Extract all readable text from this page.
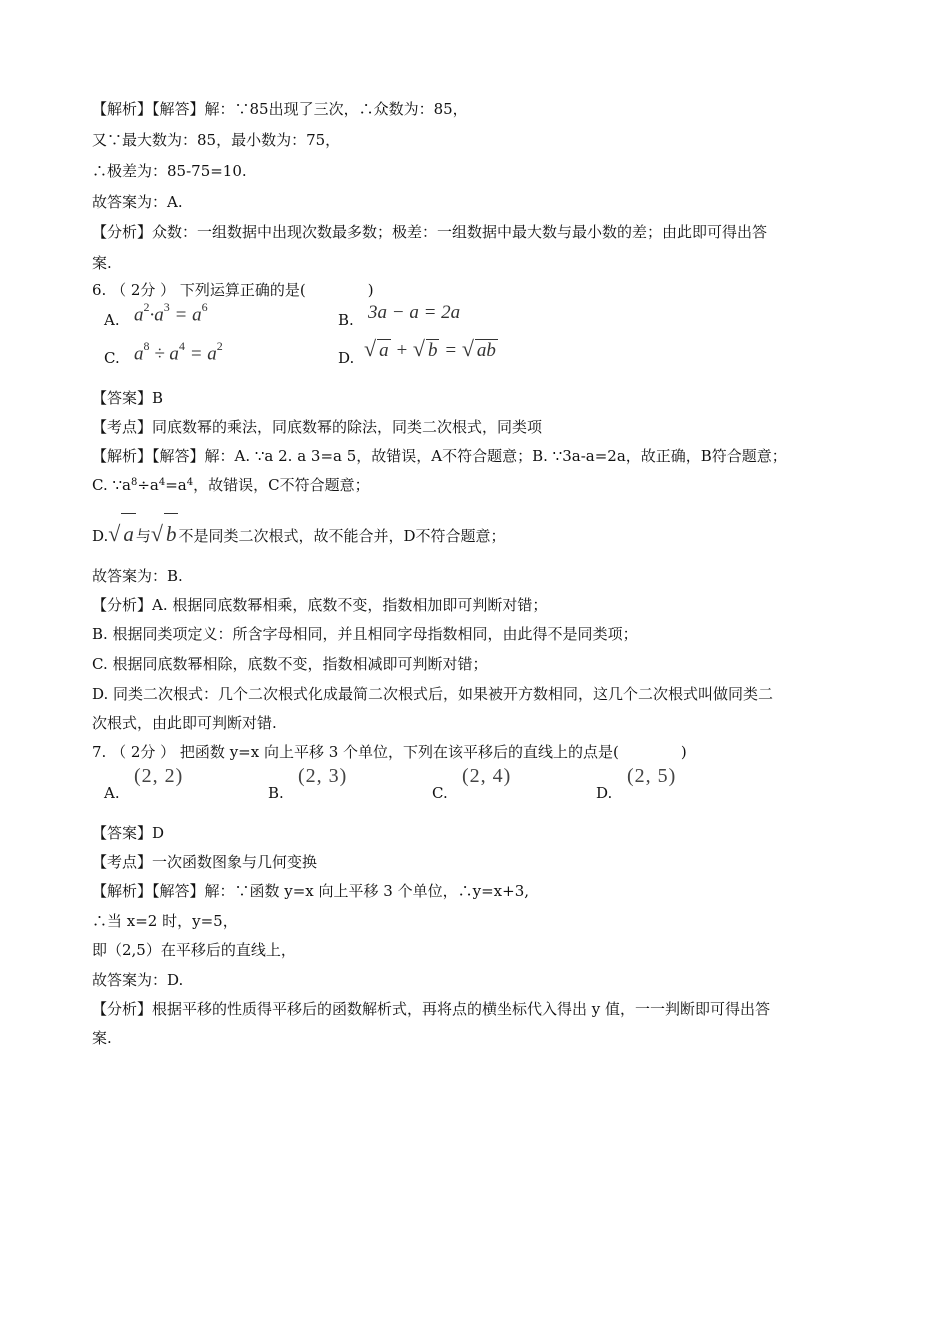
【解析】【解答】解：∵85出现了三次，∴众数为：85，
又∵最大数为：85，最小数为：75，
∴极差为：85-75=10.
故答案为：A.
【分析】众数：一组数据中出现次数最多数；极差：一组数据中最大数与最小数的差；由此即可得出答
案.
6. （ 2分 ） 下列运算正确的是(	)
A. $a^2\cdot a^3 = a^6$
B. 3a − a = 2a
C. $a^8 \div a^4 = a^2$
D. √ a + √ b = √ ab
【答案】B
【考点】同底数幂的乘法，同底数幂的除法，同类二次根式，同类项
【解析】【解答】解：A. ∵a 2. a 3=a 5，故错误，A不符合题意；B. ∵3a-a=2a，故正确，B符合题意；
C. $\because a^8\div a^4=a^4$，故错误，C不符合题意；
D.√ a 与√ b 不是同类二次根式，故不能合并，D不符合题意；
故答案为：B.
【分析】A. 根据同底数幂相乘，底数不变，指数相加即可判断对错；
B. 根据同类项定义：所含字母相同，并且相同字母指数相同，由此得不是同类项；
C. 根据同底数幂相除，底数不变，指数相减即可判断对错；
D. 同类二次根式：几个二次根式化成最简二次根式后，如果被开方数相同，这几个二次根式叫做同类二
次根式，由此即可判断对错.
7. （ 2分 ） 把函数 y=x 向上平移 3 个单位，下列在该平移后的直线上的点是(	)
A.
(2, 2)
B.
(2, 3)
C.
(2, 4)
D.
(2, 5)
【答案】D
【考点】一次函数图象与几何变换
【解析】【解答】解：∵函数 y=x 向上平移 3 个单位，∴y=x+3,
∴当 x=2 时，y=5，
即（2,5）在平移后的直线上，
故答案为：D.
【分析】根据平移的性质得平移后的函数解析式，再将点的横坐标代入得出 y 值，一一判断即可得出答
案.
